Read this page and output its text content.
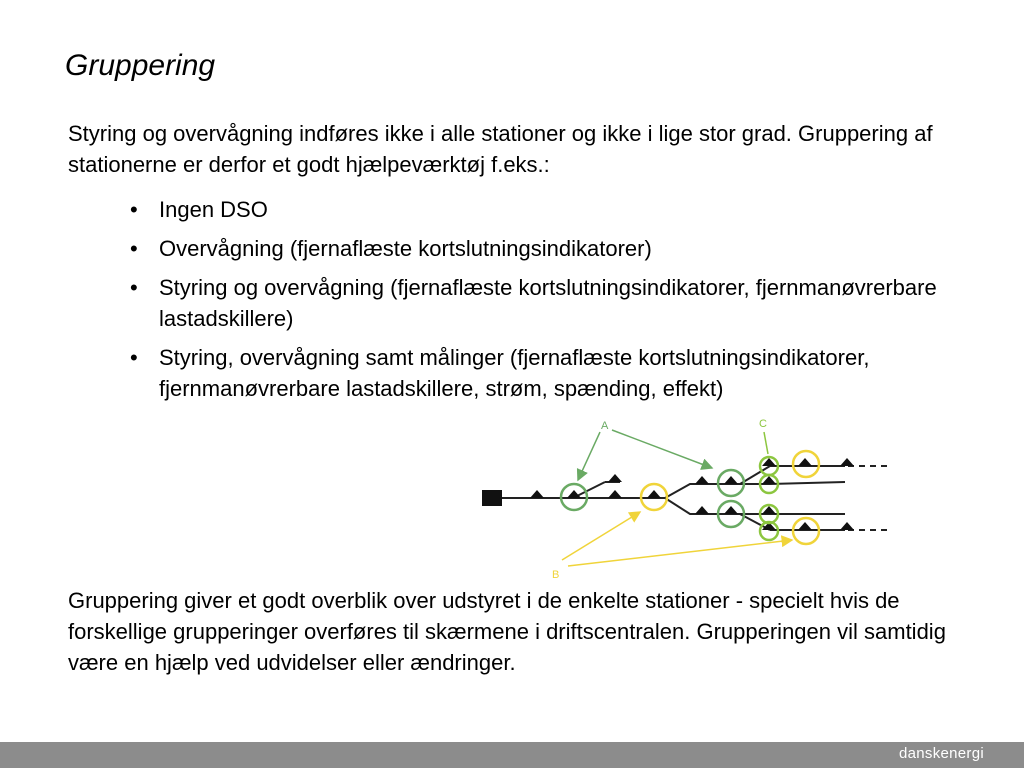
Gruppering

Styring og overvågning indføres ikke i alle stationer og ikke i lige stor grad. Gruppering af stationerne er derfor et godt hjælpeværktøj f.eks.:

• Ingen DSO
• Overvågning (fjernaflæste kortslutningsindikatorer)
• Styring og overvågning (fjernaflæste kortslutningsindikatorer, fjernmanøvrerbare lastadskillere)
• Styring, overvågning samt målinger (fjernaflæste kortslutningsindikatorer, fjernmanøvrerbare lastadskillere, strøm, spænding, effekt)
A	C
B

Gruppering giver et godt overblik over udstyret i de enkelte stationer - specielt hvis de forskellige grupperinger overføres til skærmene i driftscentralen. Grupperingen vil samtidig være en hjælp ved udvidelser eller ændringer.

danskenergi
